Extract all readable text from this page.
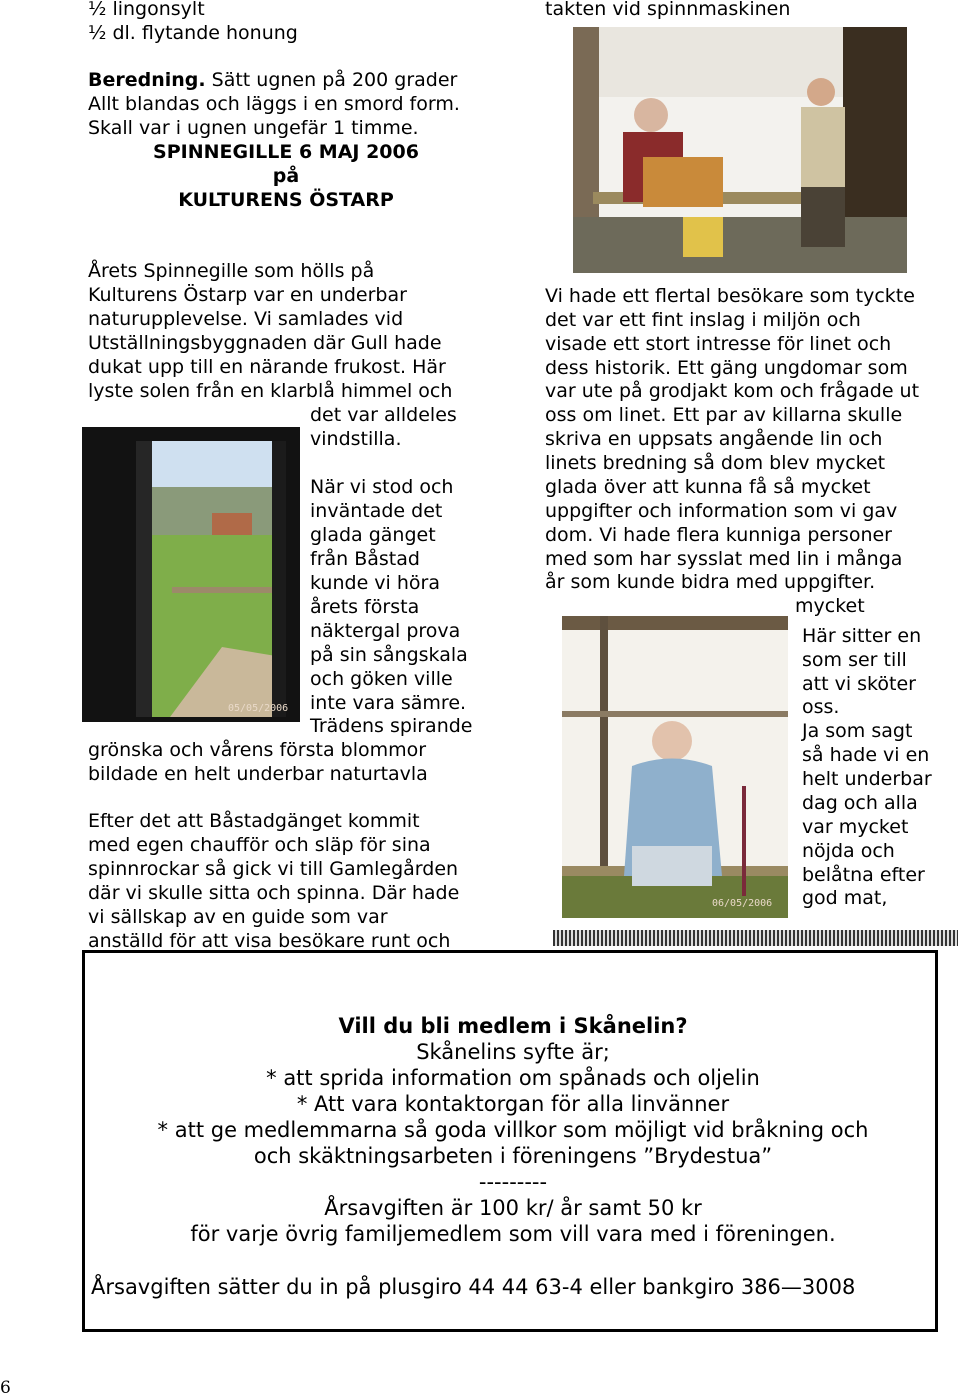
½ lingonsylt
½ dl. flytande honung
Beredning. Sätt ugnen på 200 grader
Allt blandas och läggs i en smord form.
Skall var i ugnen ungefär 1 timme.
SPINNEGILLE 6 MAJ 2006
på
KULTURENS ÖSTARP
Årets Spinnegille som hölls på
Kulturens Östarp var en underbar
naturupplevelse. Vi samlades vid
Utställningsbyggnaden där Gull hade
dukat upp till en närande frukost. Här
lyste solen från en klarblå himmel och
det var alldeles
vindstilla.
När vi stod och
inväntade det
glada gänget
från Båstad
kunde vi höra
årets första
näktergal prova
på sin sångskala
och göken ville
inte vara sämre.
Trädens spirande
grönska och vårens första blommor
bildade en helt underbar naturtavla
Efter det att Båstadgänget kommit
med egen chaufför och släp för sina
spinnrockar så gick vi till Gamlegården
där vi skulle sitta och spinna. Där hade
vi sällskap av en guide som var
anställd för att visa besökare runt och
05/05/2006
takten vid spinnmaskinen
Vi hade ett flertal besökare som tyckte
det var ett fint inslag i miljön och
visade ett stort intresse för linet och
dess historik. Ett gäng ungdomar som
var ute på grodjakt kom och frågade ut
oss om linet. Ett par av killarna skulle
skriva en uppsats angående lin och
linets bredning så dom blev mycket
glada över att kunna få så mycket
uppgifter och information som vi gav
dom. Vi hade flera kunniga personer
med som har sysslat med lin i många
år som kunde bidra med uppgifter.
mycket
Här sitter en
som ser till
att vi sköter
oss.
Ja som sagt
så hade vi en
helt underbar
dag och alla
var mycket
nöjda och
belåtna efter
god mat,
06/05/2006
Vill du bli medlem i Skånelin?
Skånelins syfte är;
* att sprida information om spånads och oljelin
* Att vara kontaktorgan för alla linvänner
* att ge medlemmarna så goda villkor som möjligt vid bråkning och
och skäktningsarbeten i föreningens ”Brydestua”
---------
Årsavgiften är 100 kr/ år samt 50 kr
för varje övrig familjemedlem som vill vara med i föreningen.
Årsavgiften sätter du in på plusgiro 44 44 63-4 eller bankgiro 386—3008
6
